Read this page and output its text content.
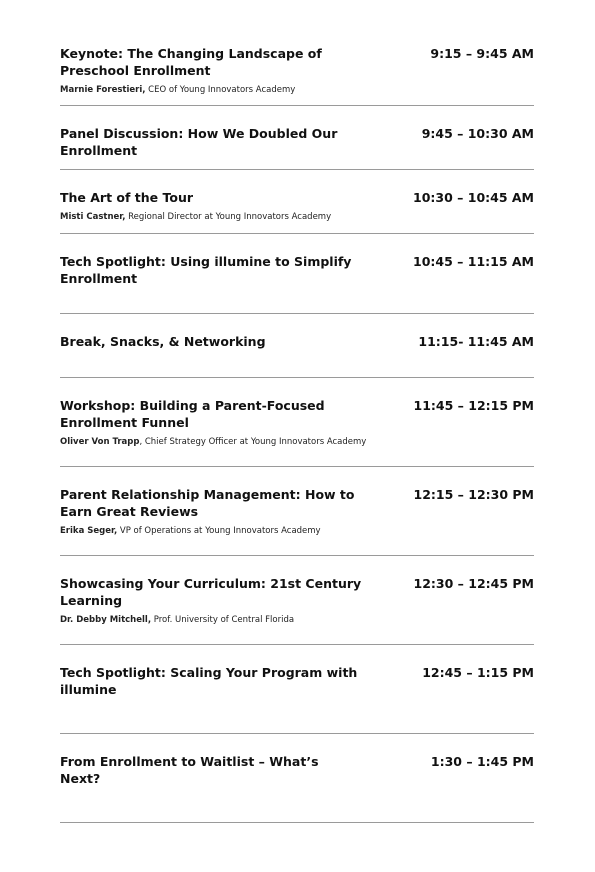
Keynote: The Changing Landscape of Preschool Enrollment
9:15 – 9:45 AM
Marnie Forestieri, CEO of Young Innovators Academy
Panel Discussion: How We Doubled Our Enrollment
9:45 – 10:30 AM
The Art of the Tour	10:30 – 10:45 AM
Misti Castner, Regional Director at Young Innovators Academy
Tech Spotlight: Using illumine to Simplify Enrollment
10:45 – 11:15 AM
Break, Snacks, & Networking	11:15- 11:45 AM
Workshop: Building a Parent-Focused Enrollment Funnel
11:45 – 12:15 PM
Oliver Von Trapp, Chief Strategy Officer at Young Innovators Academy
Parent Relationship Management: How to Earn Great Reviews
12:15 – 12:30 PM
Erika Seger, VP of Operations at Young Innovators Academy
Showcasing Your Curriculum: 21st Century Learning
12:30 – 12:45 PM
Dr. Debby Mitchell, Prof. University of Central Florida
Tech Spotlight: Scaling Your Program with illumine
12:45 – 1:15 PM
From Enrollment to Waitlist – What’s Next?
1:30 – 1:45 PM
